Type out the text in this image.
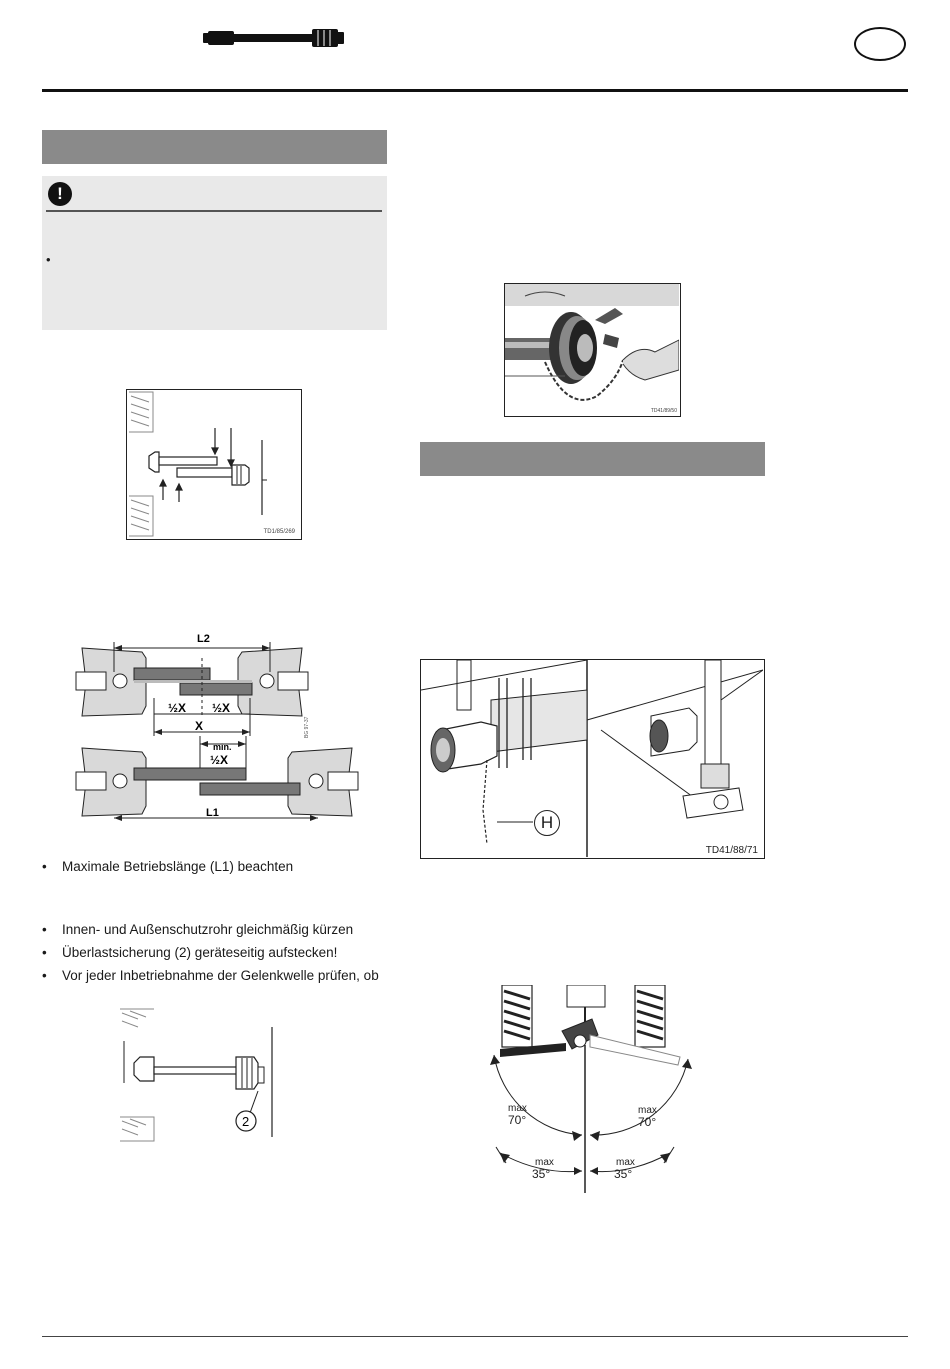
!
•
TD1/85/269
L2
½X ½X
X
min.
½X
L1
BG 97-37
• Maximale Betriebslänge (L1) beachten
• Innen- und Außenschutzrohr gleichmäßig kürzen
• Überlastsicherung (2) geräteseitig aufstecken!
• Vor jeder Inbetriebnahme der Gelenkwelle prüfen, ob
2
TD41/89/50
H
TD41/88/71
max
70°
max
70°
max
35°
max
35°
